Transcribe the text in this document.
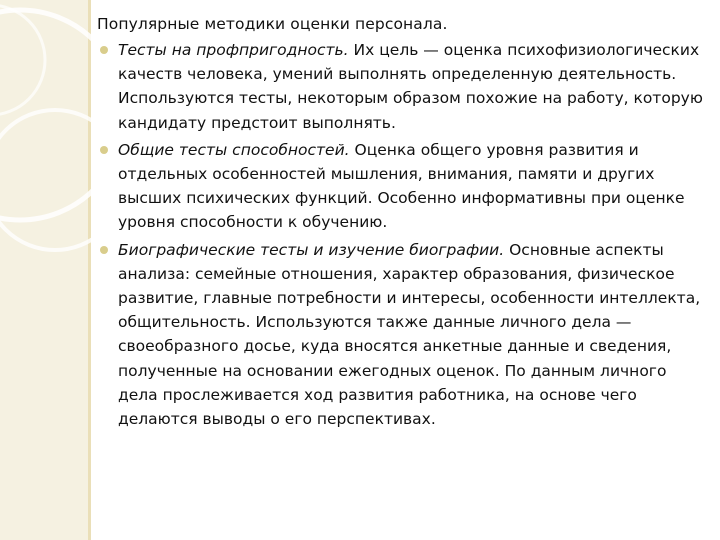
Популярные методики оценки персонала.
Тесты на профпригодность. Их цель — оценка психофизиологических качеств человека, умений выполнять определенную деятельность. Используются тесты, некоторым образом похожие на работу, которую кандидату предстоит выполнять.
Общие тесты способностей. Оценка общего уровня развития и отдельных особенностей мышления, внимания, памяти и других высших психических функций. Особенно информативны при оценке уровня способности к обучению.
Биографические тесты и изучение биографии. Основные аспекты анализа: семейные отношения, характер образования, физическое развитие, главные потребности и интересы, особенности интеллекта, общительность. Используются также данные личного дела — своеобразного досье, куда вносятся анкетные данные и сведения, полученные на основании ежегодных оценок. По данным личного дела прослеживается ход развития работника, на основе чего делаются выводы о его перспективах.
